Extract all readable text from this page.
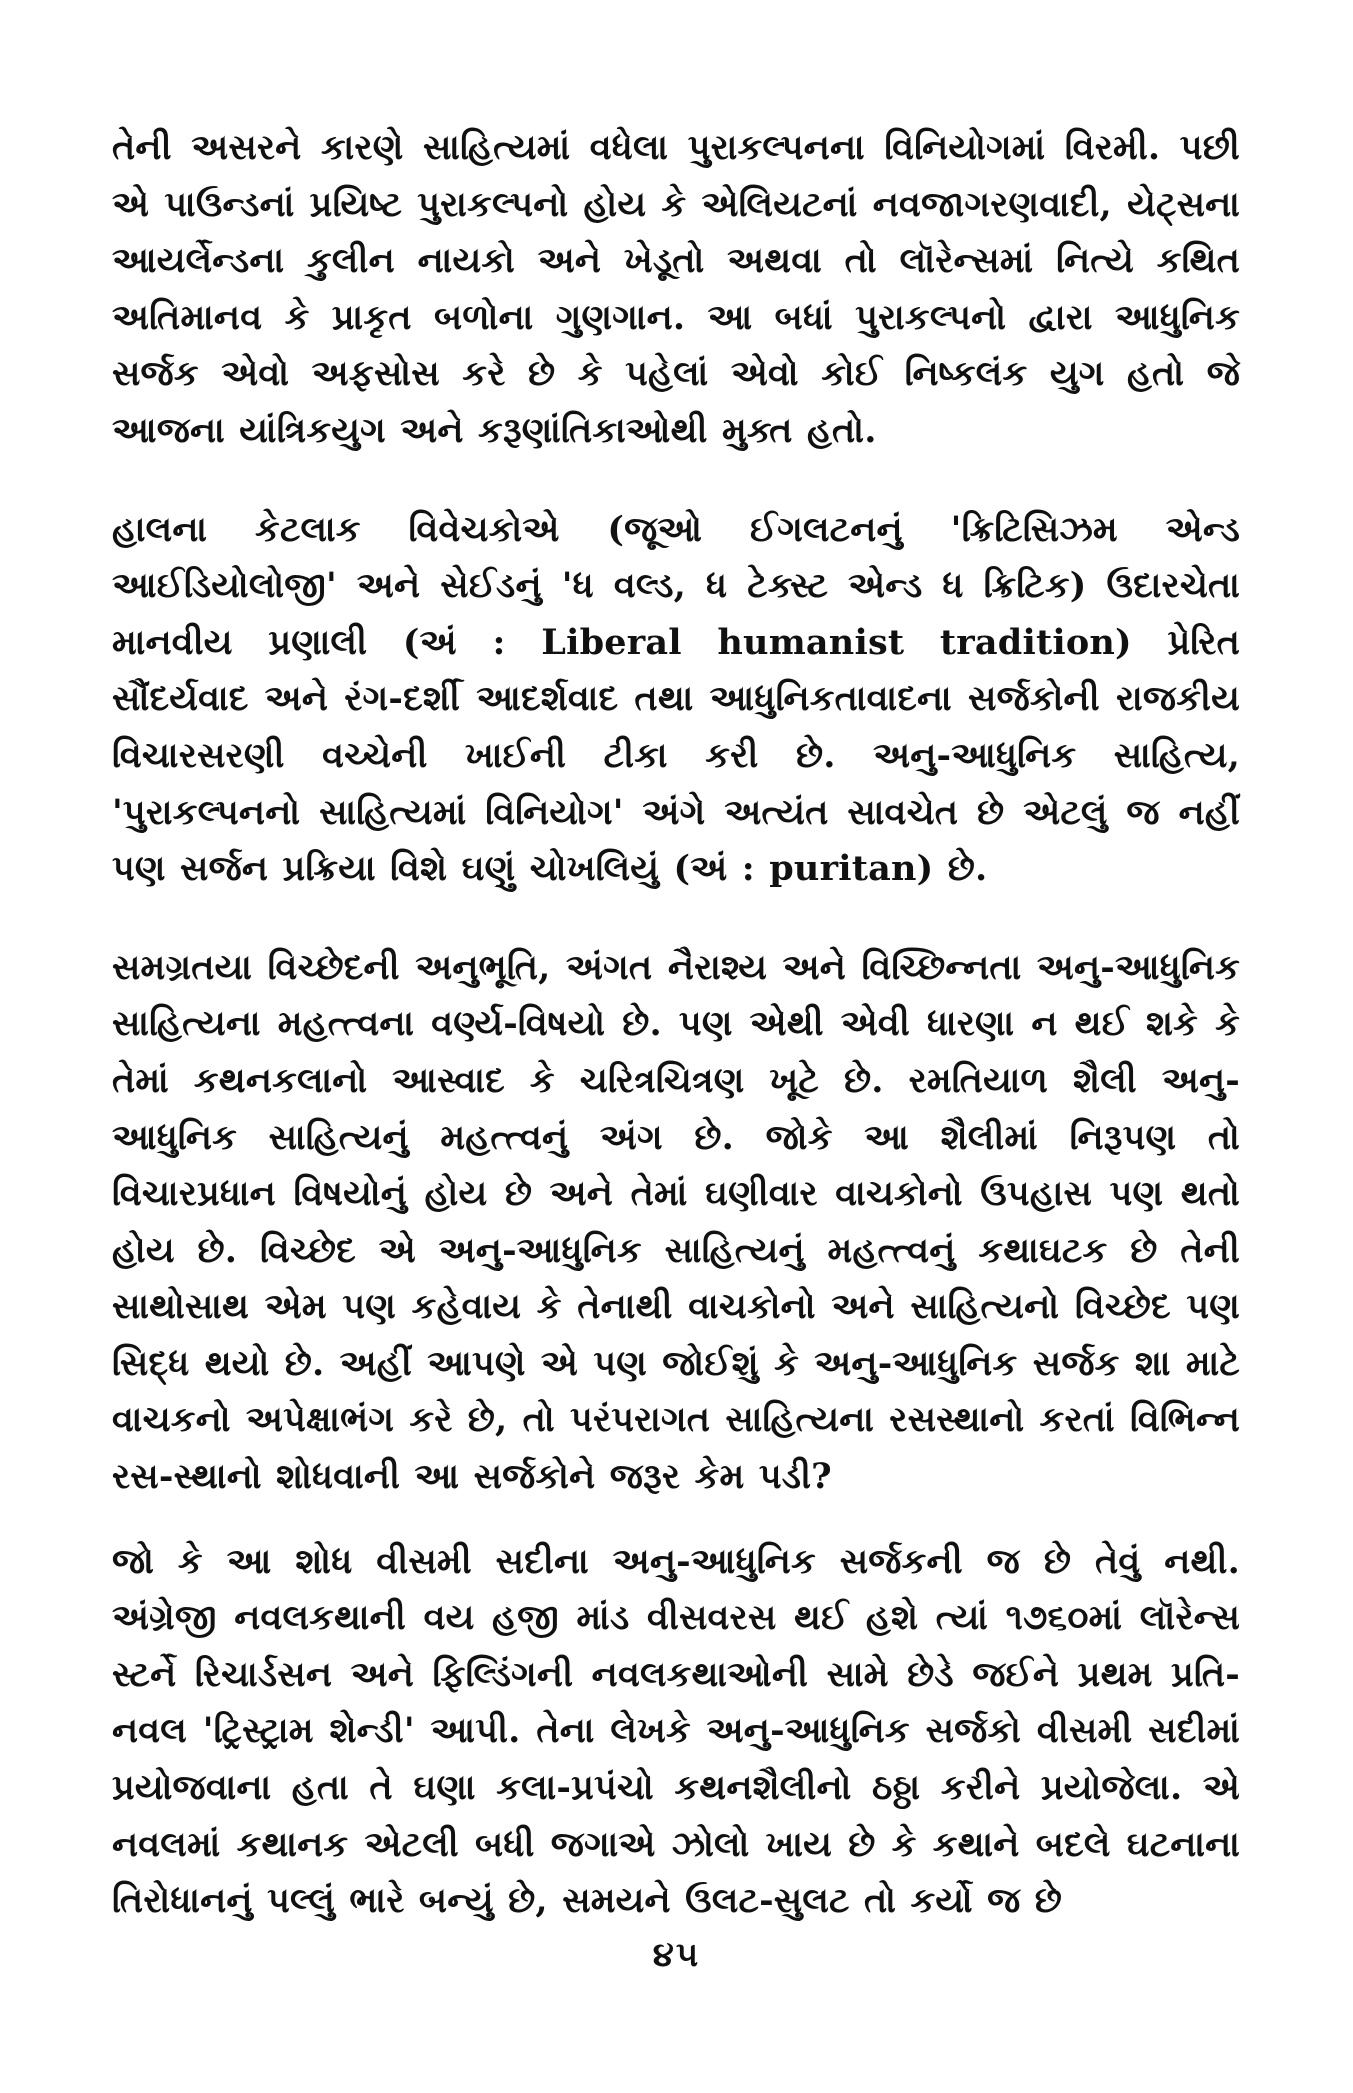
તેની અસરને કારણે સાહિત્યમાં વધેલા પુરાકલ્પનના વિનિયોગમાં વિરમી. પછી એ પાઉન્ડનાં પ્રયિષ્ટ પુરાકલ્પનો હોય કે એલિયટનાં નવજાગરણવાદી, યેટ્સના આયર્લેન્ડના કુલીન નાયકો અને ખેડૂતો અથવા તો લૉરેન્સમાં નિત્યે કથિત અતિમાનવ કે પ્રાકૃત બળોના ગુણગાન. આ બધાં પુરાકલ્પનો દ્વારા આધુનિક સર્જક એવો અફસોસ કરે છે કે પહેલાં એવો કોઈ નિષ્કલંક યુગ હતો જે આજના યાંત્રિકયુગ અને કરૂણાંતિકાઓથી મુક્ત હતો.

હાલના કેટલાક વિવેચકોએ (જૂઓ ઈગલટનનું 'ક્રિટિસિઝમ એન્ડ આઈડિયોલોજી' અને સેઈડનું 'ધ વલ્ડ, ધ ટેક્સ્ટ એન્ડ ધ ક્રિટિક) ઉદારચેતા માનવીય પ્રણાલી (અં : Liberal humanist tradition) પ્રેરિત સૌંદર્યવાદ અને રંગ-દર્શી આદર્શવાદ તથા આધુનિકતાવાદના સર્જકોની રાજકીય વિચારસરણી વચ્ચેની ખાઈની ટીકા કરી છે. અનુ-આધુનિક સાહિત્ય, 'પુરાકલ્પનનો સાહિત્યમાં વિનિયોગ' અંગે અત્યંત સાવચેત છે એટલું જ નહીં પણ સર્જન પ્રક્રિયા વિશે ઘણું ચોખલિયું (અં : puritan) છે.

સમગ્રતયા વિચ્છેદની અનુભૂતિ, અંગત નૈરાશ્ય અને વિચ્છિન્નતા અનુ-આધુનિક સાહિત્યના મહત્ત્વના વર્ણ્ય-વિષયો છે. પણ એથી એવી ધારણા ન થઈ શકે કે તેમાં કથનકલાનો આસ્વાદ કે ચરિત્રચિત્રણ ખૂટે છે. રમતિયાળ શૈલી અનુ-આધુનિક સાહિત્યનું મહત્ત્વનું અંગ છે. જોકે આ શૈલીમાં નિરૂપણ તો વિચારપ્રધાન વિષયોનું હોય છે અને તેમાં ઘણીવાર વાચકોનો ઉપહાસ પણ થતો હોય છે. વિચ્છેદ એ અનુ-આધુનિક સાહિત્યનું મહત્ત્વનું કથાઘટક છે તેની સાથોસાથ એમ પણ કહેવાય કે તેનાથી વાચકોનો અને સાહિત્યનો વિચ્છેદ પણ સિદ્ધ થયો છે. અહીં આપણે એ પણ જોઈશું કે અનુ-આધુનિક સર્જક શા માટે વાચકનો અપેક્ષાભંગ કરે છે, તો પરંપરાગત સાહિત્યના રસસ્થાનો કરતાં વિભિન્ન રસ-સ્થાનો શોધવાની આ સર્જકોને જરૂર કેમ પડી?

જો કે આ શોધ વીસમી સદીના અનુ-આધુનિક સર્જકની જ છે તેવું નથી. અંગ્રેજી નવલકથાની વય હજી માંડ વીસવરસ થઈ હશે ત્યાં ૧૭૬૦માં લૉરેન્સ સ્ટર્ને રિચાર્ડસન અને ફિલ્ડિંગની નવલકથાઓની સામે છેડે જઈને પ્રથમ પ્રતિ-નવલ 'ટ્રિસ્ટ્રામ શેન્ડી' આપી. તેના લેખકે અનુ-આધુનિક સર્જકો વીસમી સદીમાં પ્રયોજવાના હતા તે ઘણા કલા-પ્રપંચો કથનશૈલીનો ઠઠ્ઠા કરીને પ્રયોજેલા. એ નવલમાં કથાનક એટલી બધી જગાએ ઝોલો ખાય છે કે કથાને બદલે ઘટનાના તિરોધાનનું પલ્લું ભારે બન્યું છે, સમયને ઉલટ-સુલટ તો કર્યો જ છે

૪૫
